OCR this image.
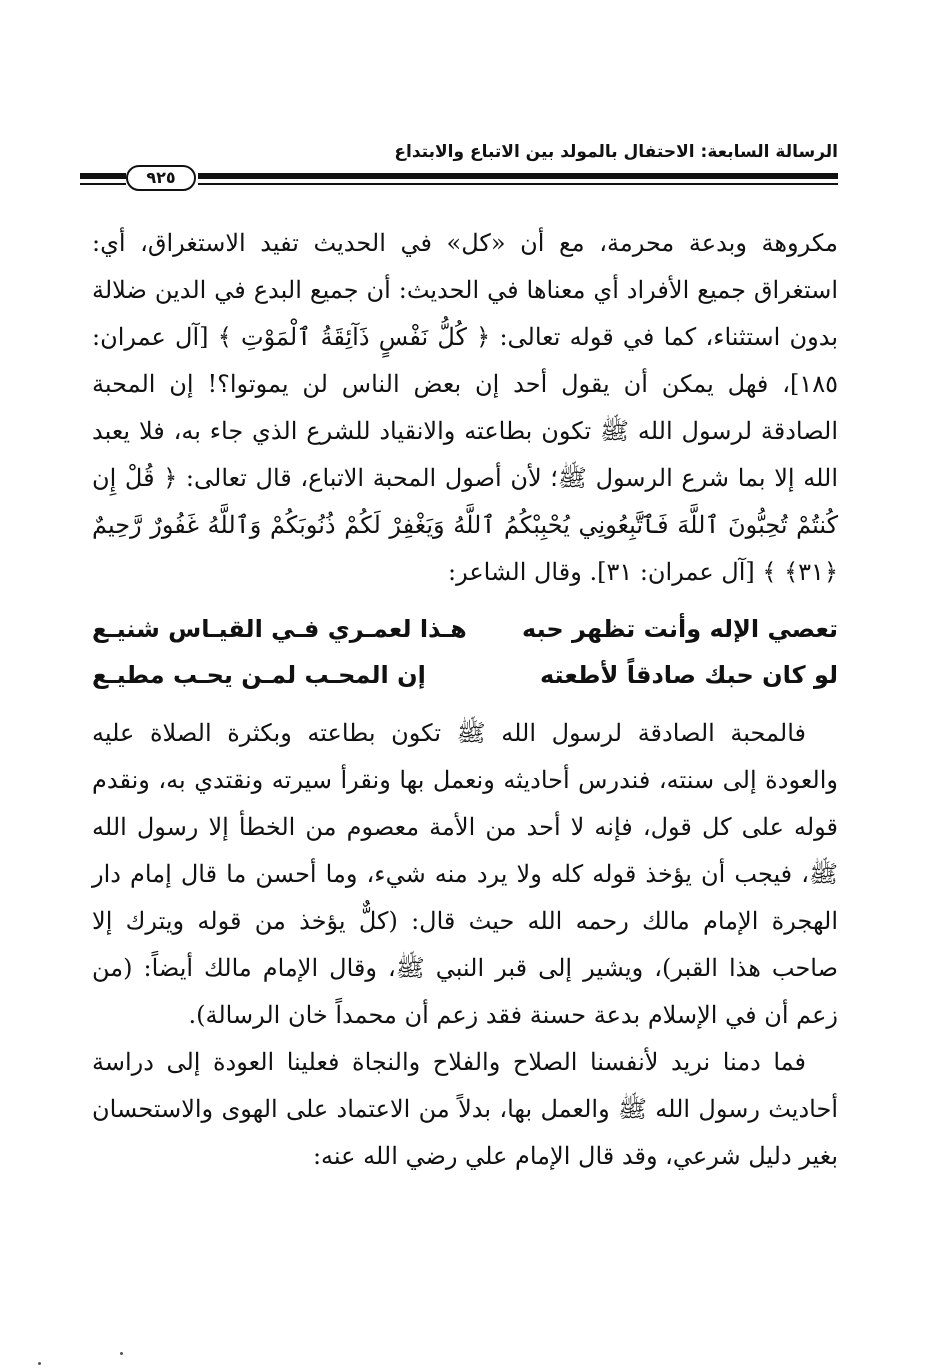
الرسالة السابعة: الاحتفال بالمولد بين الاتباع والابتداع
٩٢٥

مكروهة وبدعة محرمة، مع أن «كل» في الحديث تفيد الاستغراق، أي: استغراق جميع الأفراد أي معناها في الحديث: أن جميع البدع في الدين ضلالة بدون استثناء، كما في قوله تعالى: ﴿ كُلُّ نَفْسٍ ذَآئِقَةُ ٱلْمَوْتِ ﴾ [آل عمران: ١٨٥]، فهل يمكن أن يقول أحد إن بعض الناس لن يموتوا؟! إن المحبة الصادقة لرسول الله ﷺ تكون بطاعته والانقياد للشرع الذي جاء به، فلا يعبد الله إلا بما شرع الرسول ﷺ؛ لأن أصول المحبة الاتباع، قال تعالى: ﴿ قُلْ إِن كُنتُمْ تُحِبُّونَ ٱللَّهَ فَٱتَّبِعُونِي يُحْبِبْكُمُ ٱللَّهُ وَيَغْفِرْ لَكُمْ ذُنُوبَكُمْ وَٱللَّهُ غَفُورٌ رَّحِيمٌ ﴿٣١﴾ ﴾ [آل عمران: ٣١]. وقال الشاعر:

تعصي الإله وأنت تظهر حبه
هـذا لعمـري فـي القيـاس شنيـع
لو كان حبك صادقاً لأطعته
إن المحـب لمـن يحـب مطيـع

فالمحبة الصادقة لرسول الله ﷺ تكون بطاعته وبكثرة الصلاة عليه والعودة إلى سنته، فندرس أحاديثه ونعمل بها ونقرأ سيرته ونقتدي به، ونقدم قوله على كل قول، فإنه لا أحد من الأمة معصوم من الخطأ إلا رسول الله ﷺ، فيجب أن يؤخذ قوله كله ولا يرد منه شيء، وما أحسن ما قال إمام دار الهجرة الإمام مالك رحمه الله حيث قال: (كلٌّ يؤخذ من قوله ويترك إلا صاحب هذا القبر)، ويشير إلى قبر النبي ﷺ، وقال الإمام مالك أيضاً: (من زعم أن في الإسلام بدعة حسنة فقد زعم أن محمداً خان الرسالة).

فما دمنا نريد لأنفسنا الصلاح والفلاح والنجاة فعلينا العودة إلى دراسة أحاديث رسول الله ﷺ والعمل بها، بدلاً من الاعتماد على الهوى والاستحسان بغير دليل شرعي، وقد قال الإمام علي رضي الله عنه:
